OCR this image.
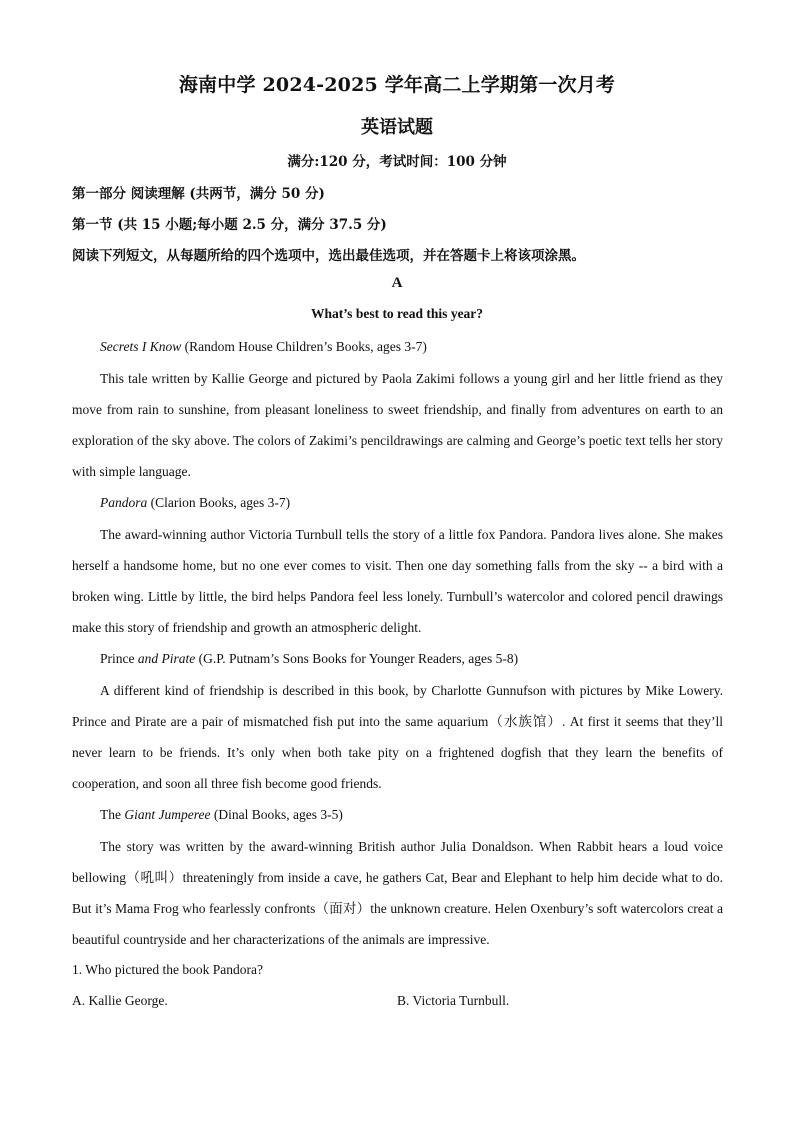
海南中学 2024-2025 学年高二上学期第一次月考
英语试题
满分:120 分，考试时间：100 分钟
第一部分 阅读理解 (共两节，满分 50 分)
第一节 (共 15 小题;每小题 2.5 分，满分 37.5 分)
阅读下列短文，从每题所给的四个选项中，选出最佳选项，并在答题卡上将该项涂黑。
A
What’s best to read this year?
Secrets I Know (Random House Children’s Books, ages 3-7)
This tale written by Kallie George and pictured by Paola Zakimi follows a young girl and her little friend as they move from rain to sunshine, from pleasant loneliness to sweet friendship, and finally from adventures on earth to an exploration of the sky above. The colors of Zakimi’s pencildrawings are calming and George’s poetic text tells her story with simple language.
Pandora (Clarion Books, ages 3-7)
The award-winning author Victoria Turnbull tells the story of a little fox Pandora. Pandora lives alone. She makes herself a handsome home, but no one ever comes to visit. Then one day something falls from the sky -- a bird with a broken wing. Little by little, the bird helps Pandora feel less lonely. Turnbull’s watercolor and colored pencil drawings make this story of friendship and growth an atmospheric delight.
Prince and Pirate (G.P. Putnam’s Sons Books for Younger Readers, ages 5-8)
A different kind of friendship is described in this book, by Charlotte Gunnufson with pictures by Mike Lowery. Prince and Pirate are a pair of mismatched fish put into the same aquarium（水族馆）. At first it seems that they’ll never learn to be friends. It’s only when both take pity on a frightened dogfish that they learn the benefits of cooperation, and soon all three fish become good friends.
The Giant Jumperee (Dinal Books, ages 3-5)
The story was written by the award-winning British author Julia Donaldson. When Rabbit hears a loud voice bellowing（吼叫）threateningly from inside a cave, he gathers Cat, Bear and Elephant to help him decide what to do. But it’s Mama Frog who fearlessly confronts（面对）the unknown creature. Helen Oxenbury’s soft watercolors creat a beautiful countryside and her characterizations of the animals are impressive.
1. Who pictured the book Pandora?
A. Kallie George.	B. Victoria Turnbull.
